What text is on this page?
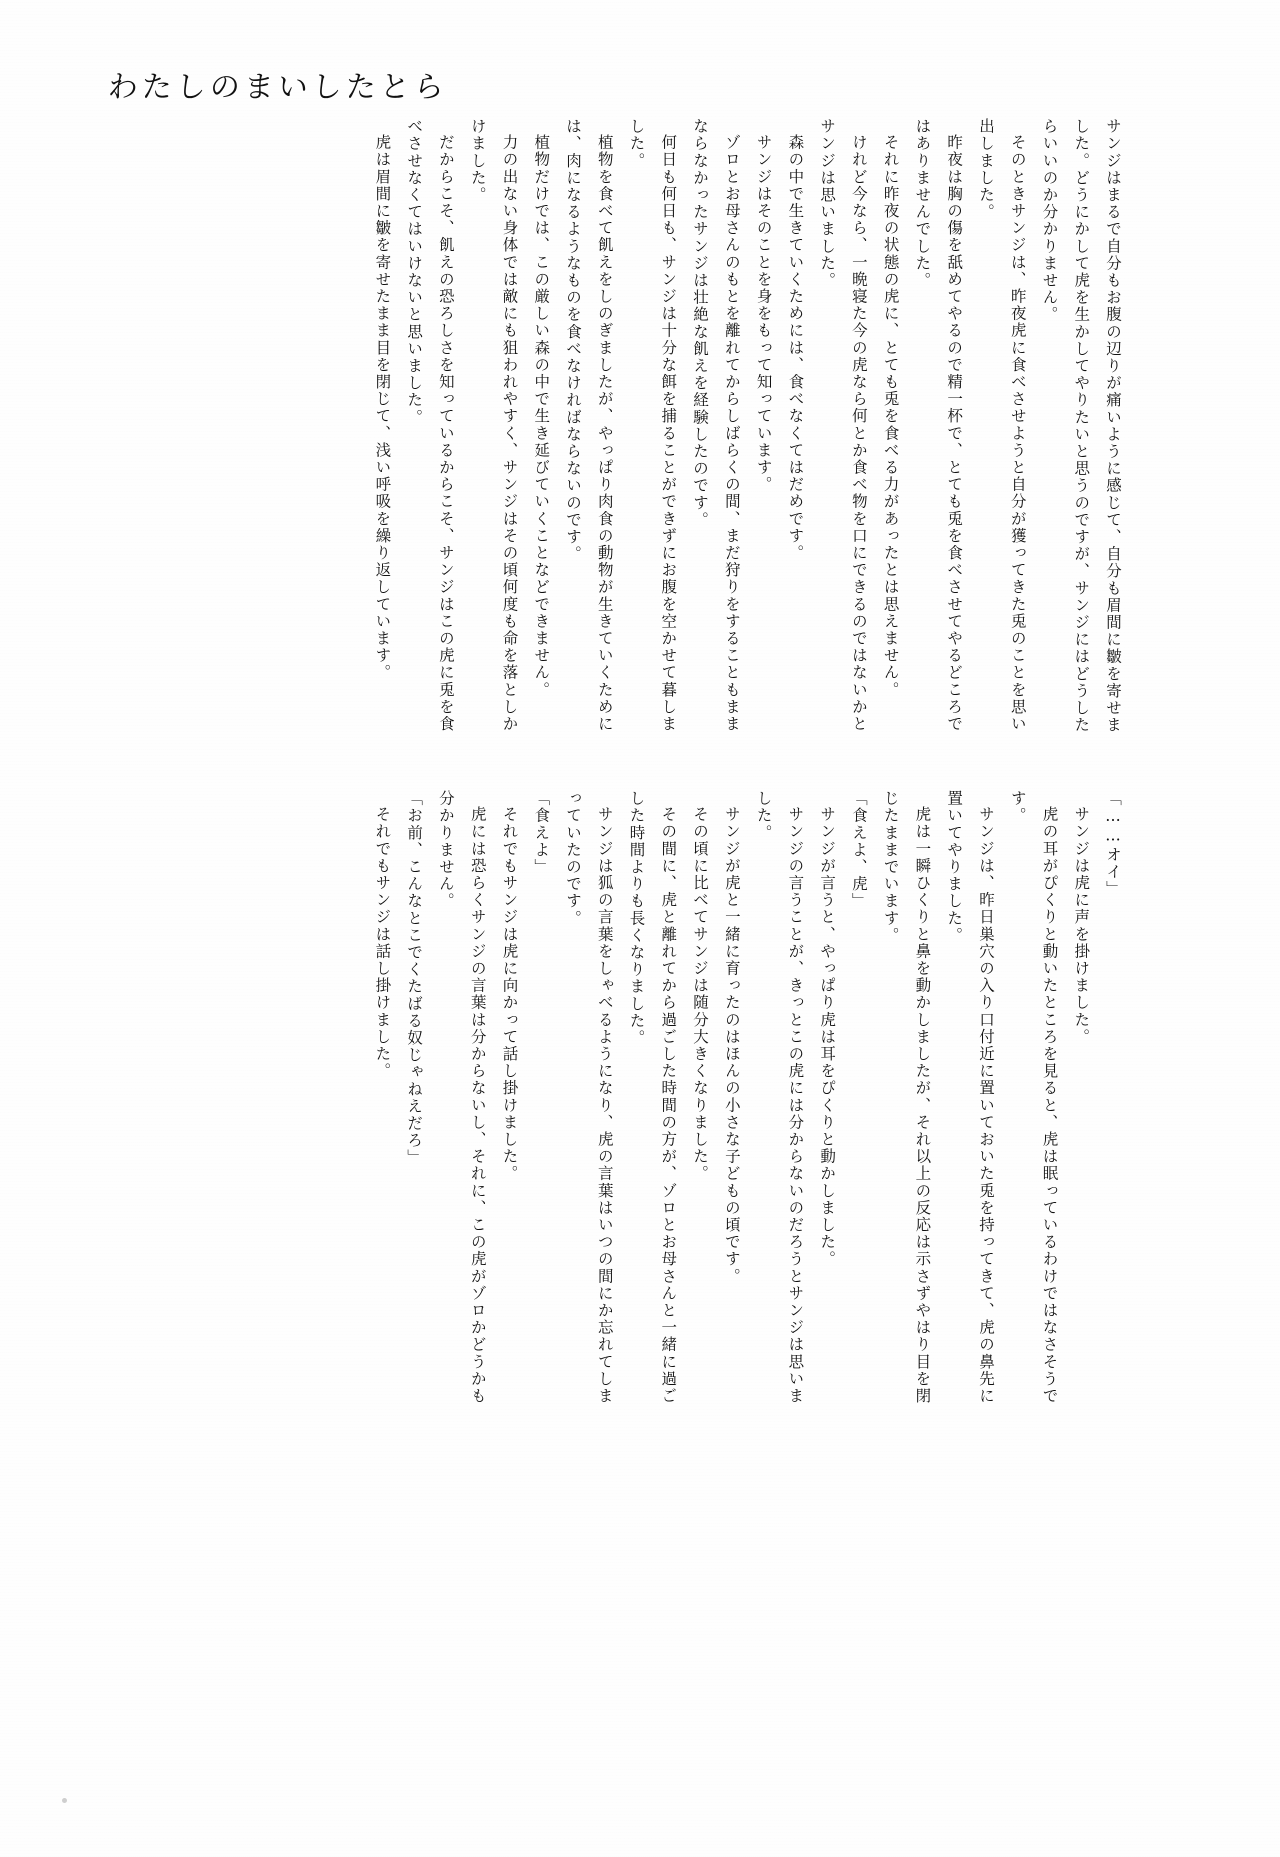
わたしのまいしたとら

サンジはまるで自分もお腹の辺りが痛いように感じて、自分も眉間に皺を寄せました。どうにかして虎を生かしてやりたいと思うのですが、サンジにはどうしたらいいのか分かりません。

そのときサンジは、昨夜虎に食べさせようと自分が獲ってきた兎のことを思い出しました。

昨夜は胸の傷を舐めてやるので精一杯で、とても兎を食べさせてやるどころではありませんでした。

それに昨夜の状態の虎に、とても兎を食べる力があったとは思えません。

けれど今なら、一晩寝た今の虎なら何とか食べ物を口にできるのではないかとサンジは思いました。

森の中で生きていくためには、食べなくてはだめです。

サンジはそのことを身をもって知っています。

ゾロとお母さんのもとを離れてからしばらくの間、まだ狩りをすることもままならなかったサンジは壮絶な飢えを経験したのです。

何日も何日も、サンジは十分な餌を捕ることができずにお腹を空かせて暮しました。

植物を食べて飢えをしのぎましたが、やっぱり肉食の動物が生きていくためには、肉になるようなものを食べなければならないのです。

植物だけでは、この厳しい森の中で生き延びていくことなどできません。

力の出ない身体では敵にも狙われやすく、サンジはその頃何度も命を落としかけました。

だからこそ、飢えの恐ろしさを知っているからこそ、サンジはこの虎に兎を食べさせなくてはいけないと思いました。

虎は眉間に皺を寄せたまま目を閉じて、浅い呼吸を繰り返しています。

「……オイ」

サンジは虎に声を掛けました。

虎の耳がぴくりと動いたところを見ると、虎は眠っているわけではなさそうです。

サンジは、昨日巣穴の入り口付近に置いておいた兎を持ってきて、虎の鼻先に置いてやりました。

虎は一瞬ひくりと鼻を動かしましたが、それ以上の反応は示さずやはり目を閉じたままでいます。

「食えよ、虎」

サンジが言うと、やっぱり虎は耳をぴくりと動かしました。

サンジの言うことが、きっとこの虎には分からないのだろうとサンジは思いました。

サンジが虎と一緒に育ったのはほんの小さな子どもの頃です。

その頃に比べてサンジは随分大きくなりました。

その間に、虎と離れてから過ごした時間の方が、ゾロとお母さんと一緒に過ごした時間よりも長くなりました。

サンジは狐の言葉をしゃべるようになり、虎の言葉はいつの間にか忘れてしまっていたのです。

「食えよ」

それでもサンジは虎に向かって話し掛けました。

虎には恐らくサンジの言葉は分からないし、それに、この虎がゾロかどうかも分かりません。

「お前、こんなとこでくたばる奴じゃねえだろ」

それでもサンジは話し掛けました。
